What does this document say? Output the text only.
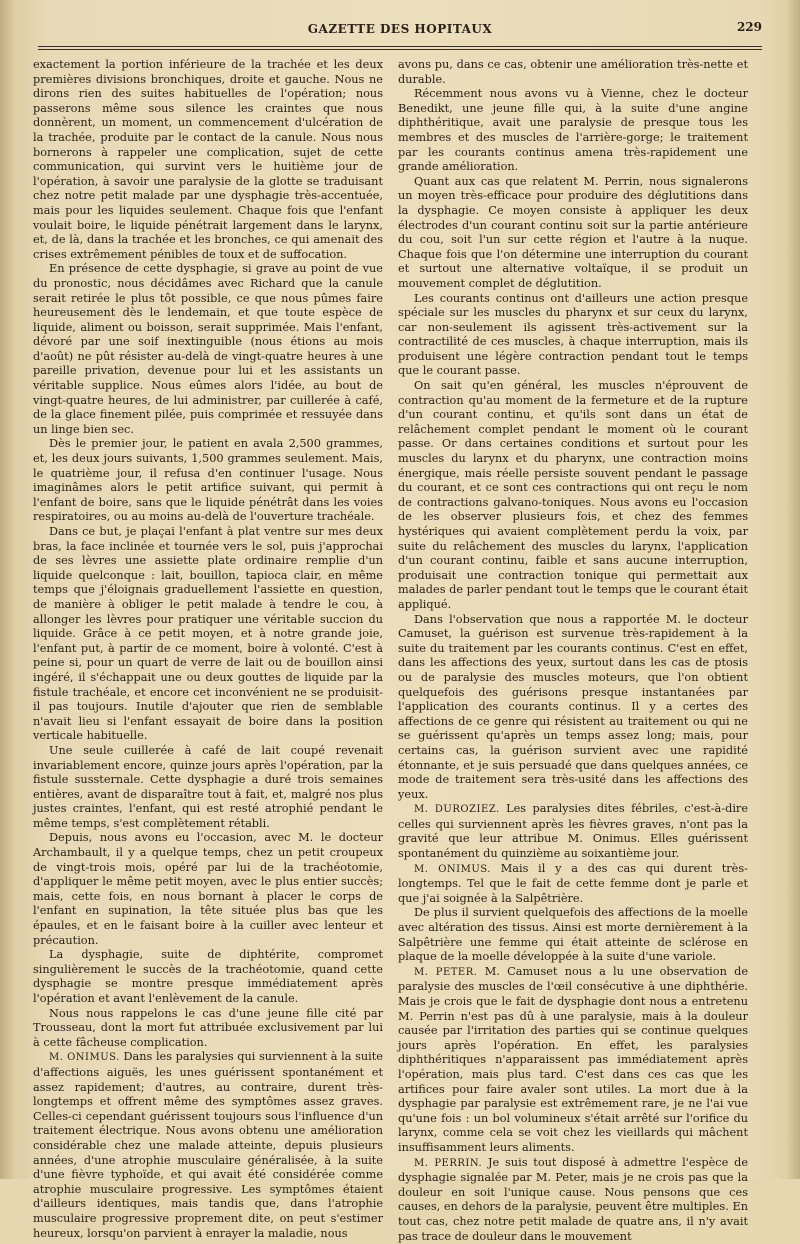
GAZETTE DES HOPITAUX	229

exactement la portion inférieure de la trachée et les deux premières divisions bronchiques, droite et gauche. Nous ne dirons rien des suites habituelles de l'opération; nous passerons même sous silence les craintes que nous donnèrent, un moment, un commencement d'ulcération de la trachée, produite par le contact de la canule. Nous nous bornerons à rappeler une complication, sujet de cette communication, qui survint vers le huitième jour de l'opération, à savoir une paralysie de la glotte se traduisant chez notre petit malade par une dysphagie très-accentuée, mais pour les liquides seulement. Chaque fois que l'enfant voulait boire, le liquide pénétrait largement dans le larynx, et, de là, dans la trachée et les bronches, ce qui amenait des crises extrêmement pénibles de toux et de suffocation.

En présence de cette dysphagie, si grave au point de vue du pronostic, nous décidâmes avec Richard que la canule serait retirée le plus tôt possible, ce que nous pûmes faire heureusement dès le lendemain, et que toute espèce de liquide, aliment ou boisson, serait supprimée. Mais l'enfant, dévoré par une soif inextinguible (nous étions au mois d'août) ne pût résister au-delà de vingt-quatre heures à une pareille privation, devenue pour lui et les assistants un véritable supplice. Nous eûmes alors l'idée, au bout de vingt-quatre heures, de lui administrer, par cuillerée à café, de la glace finement pilée, puis comprimée et ressuyée dans un linge bien sec.

Dès le premier jour, le patient en avala 2,500 grammes, et, les deux jours suivants, 1,500 grammes seulement. Mais, le quatrième jour, il refusa d'en continuer l'usage. Nous imaginâmes alors le petit artifice suivant, qui permit à l'enfant de boire, sans que le liquide pénétrât dans les voies respiratoires, ou au moins au-delà de l'ouverture trachéale.

Dans ce but, je plaçai l'enfant à plat ventre sur mes deux bras, la face inclinée et tournée vers le sol, puis j'approchai de ses lèvres une assiette plate ordinaire remplie d'un liquide quelconque : lait, bouillon, tapioca clair, en même temps que j'éloignais graduellement l'assiette en question, de manière à obliger le petit malade à tendre le cou, à allonger les lèvres pour pratiquer une véritable succion du liquide. Grâce à ce petit moyen, et à notre grande joie, l'enfant put, à partir de ce moment, boire à volonté. C'est à peine si, pour un quart de verre de lait ou de bouillon ainsi ingéré, il s'échappait une ou deux gouttes de liquide par la fistule trachéale, et encore cet inconvénient ne se produisit-il pas toujours. Inutile d'ajouter que rien de semblable n'avait lieu si l'enfant essayait de boire dans la position verticale habituelle.

Une seule cuillerée à café de lait coupé revenait invariablement encore, quinze jours après l'opération, par la fistule sussternale. Cette dysphagie a duré trois semaines entières, avant de disparaître tout à fait, et, malgré nos plus justes craintes, l'enfant, qui est resté atrophié pendant le même temps, s'est complètement rétabli.

Depuis, nous avons eu l'occasion, avec M. le docteur Archambault, il y a quelque temps, chez un petit croupeux de vingt-trois mois, opéré par lui de la trachéotomie, d'appliquer le même petit moyen, avec le plus entier succès; mais, cette fois, en nous bornant à placer le corps de l'enfant en supination, la tête située plus bas que les épaules, et en le faisant boire à la cuiller avec lenteur et précaution.

La dysphagie, suite de diphtérite, compromet singulièrement le succès de la trachéotomie, quand cette dysphagie se montre presque immédiatement après l'opération et avant l'enlèvement de la canule.

Nous nous rappelons le cas d'une jeune fille cité par Trousseau, dont la mort fut attribuée exclusivement par lui à cette fâcheuse complication.

M. ONIMUS. Dans les paralysies qui surviennent à la suite d'affections aiguës, les unes guérissent spontanément et assez rapidement; d'autres, au contraire, durent très-longtemps et offrent même des symptômes assez graves. Celles-ci cependant guérissent toujours sous l'influence d'un traitement électrique. Nous avons obtenu une amélioration considérable chez une malade atteinte, depuis plusieurs années, d'une atrophie musculaire généralisée, à la suite d'une fièvre typhoïde, et qui avait été considérée comme atrophie musculaire progressive. Les symptômes étaient d'ailleurs identiques, mais tandis que, dans l'atrophie musculaire progressive proprement dite, on peut s'estimer heureux, lorsqu'on parvient à enrayer la maladie, nous

avons pu, dans ce cas, obtenir une amélioration très-nette et durable.

Récemment nous avons vu à Vienne, chez le docteur Benedikt, une jeune fille qui, à la suite d'une angine diphthéritique, avait une paralysie de presque tous les membres et des muscles de l'arrière-gorge; le traitement par les courants continus amena très-rapidement une grande amélioration.

Quant aux cas que relatent M. Perrin, nous signalerons un moyen très-efficace pour produire des déglutitions dans la dysphagie. Ce moyen consiste à appliquer les deux électrodes d'un courant continu soit sur la partie antérieure du cou, soit l'un sur cette région et l'autre à la nuque. Chaque fois que l'on détermine une interruption du courant et surtout une alternative voltaïque, il se produit un mouvement complet de déglutition.

Les courants continus ont d'ailleurs une action presque spéciale sur les muscles du pharynx et sur ceux du larynx, car non-seulement ils agissent très-activement sur la contractilité de ces muscles, à chaque interruption, mais ils produisent une légère contraction pendant tout le temps que le courant passe.

On sait qu'en général, les muscles n'éprouvent de contraction qu'au moment de la fermeture et de la rupture d'un courant continu, et qu'ils sont dans un état de relâchement complet pendant le moment où le courant passe. Or dans certaines conditions et surtout pour les muscles du larynx et du pharynx, une contraction moins énergique, mais réelle persiste souvent pendant le passage du courant, et ce sont ces contractions qui ont reçu le nom de contractions galvano-toniques. Nous avons eu l'occasion de les observer plusieurs fois, et chez des femmes hystériques qui avaient complètement perdu la voix, par suite du relâchement des muscles du larynx, l'application d'un courant continu, faible et sans aucune interruption, produisait une contraction tonique qui permettait aux malades de parler pendant tout le temps que le courant était appliqué.

Dans l'observation que nous a rapportée M. le docteur Camuset, la guérison est survenue très-rapidement à la suite du traitement par les courants continus. C'est en effet, dans les affections des yeux, surtout dans les cas de ptosis ou de paralysie des muscles moteurs, que l'on obtient quelquefois des guérisons presque instantanées par l'application des courants continus. Il y a certes des affections de ce genre qui résistent au traitement ou qui ne se guérissent qu'après un temps assez long; mais, pour certains cas, la guérison survient avec une rapidité étonnante, et je suis persuadé que dans quelques années, ce mode de traitement sera très-usité dans les affections des yeux.

M. DUROZIEZ. Les paralysies dites fébriles, c'est-à-dire celles qui surviennent après les fièvres graves, n'ont pas la gravité que leur attribue M. Onimus. Elles guérissent spontanément du quinzième au soixantième jour.

M. ONIMUS. Mais il y a des cas qui durent très-longtemps. Tel que le fait de cette femme dont je parle et que j'ai soignée à la Salpêtrière.

De plus il survient quelquefois des affections de la moelle avec altération des tissus. Ainsi est morte dernièrement à la Salpêtrière une femme qui était atteinte de sclérose en plaque de la moelle développée à la suite d'une variole.

M. PETER. M. Camuset nous a lu une observation de paralysie des muscles de l'œil consécutive à une diphthérie. Mais je crois que le fait de dysphagie dont nous a entretenu M. Perrin n'est pas dû à une paralysie, mais à la douleur causée par l'irritation des parties qui se continue quelques jours après l'opération. En effet, les paralysies diphthéritiques n'apparaissent pas immédiatement après l'opération, mais plus tard. C'est dans ces cas que les artifices pour faire avaler sont utiles. La mort due à la dysphagie par paralysie est extrêmement rare, je ne l'ai vue qu'une fois : un bol volumineux s'était arrêté sur l'orifice du larynx, comme cela se voit chez les vieillards qui mâchent insuffisamment leurs aliments.

M. PERRIN. Je suis tout disposé à admettre l'espèce de dysphagie signalée par M. Peter, mais je ne crois pas que la douleur en soit l'unique cause. Nous pensons que ces causes, en dehors de la paralysie, peuvent être multiples. En tout cas, chez notre petit malade de quatre ans, il n'y avait pas trace de douleur dans le mouvement
